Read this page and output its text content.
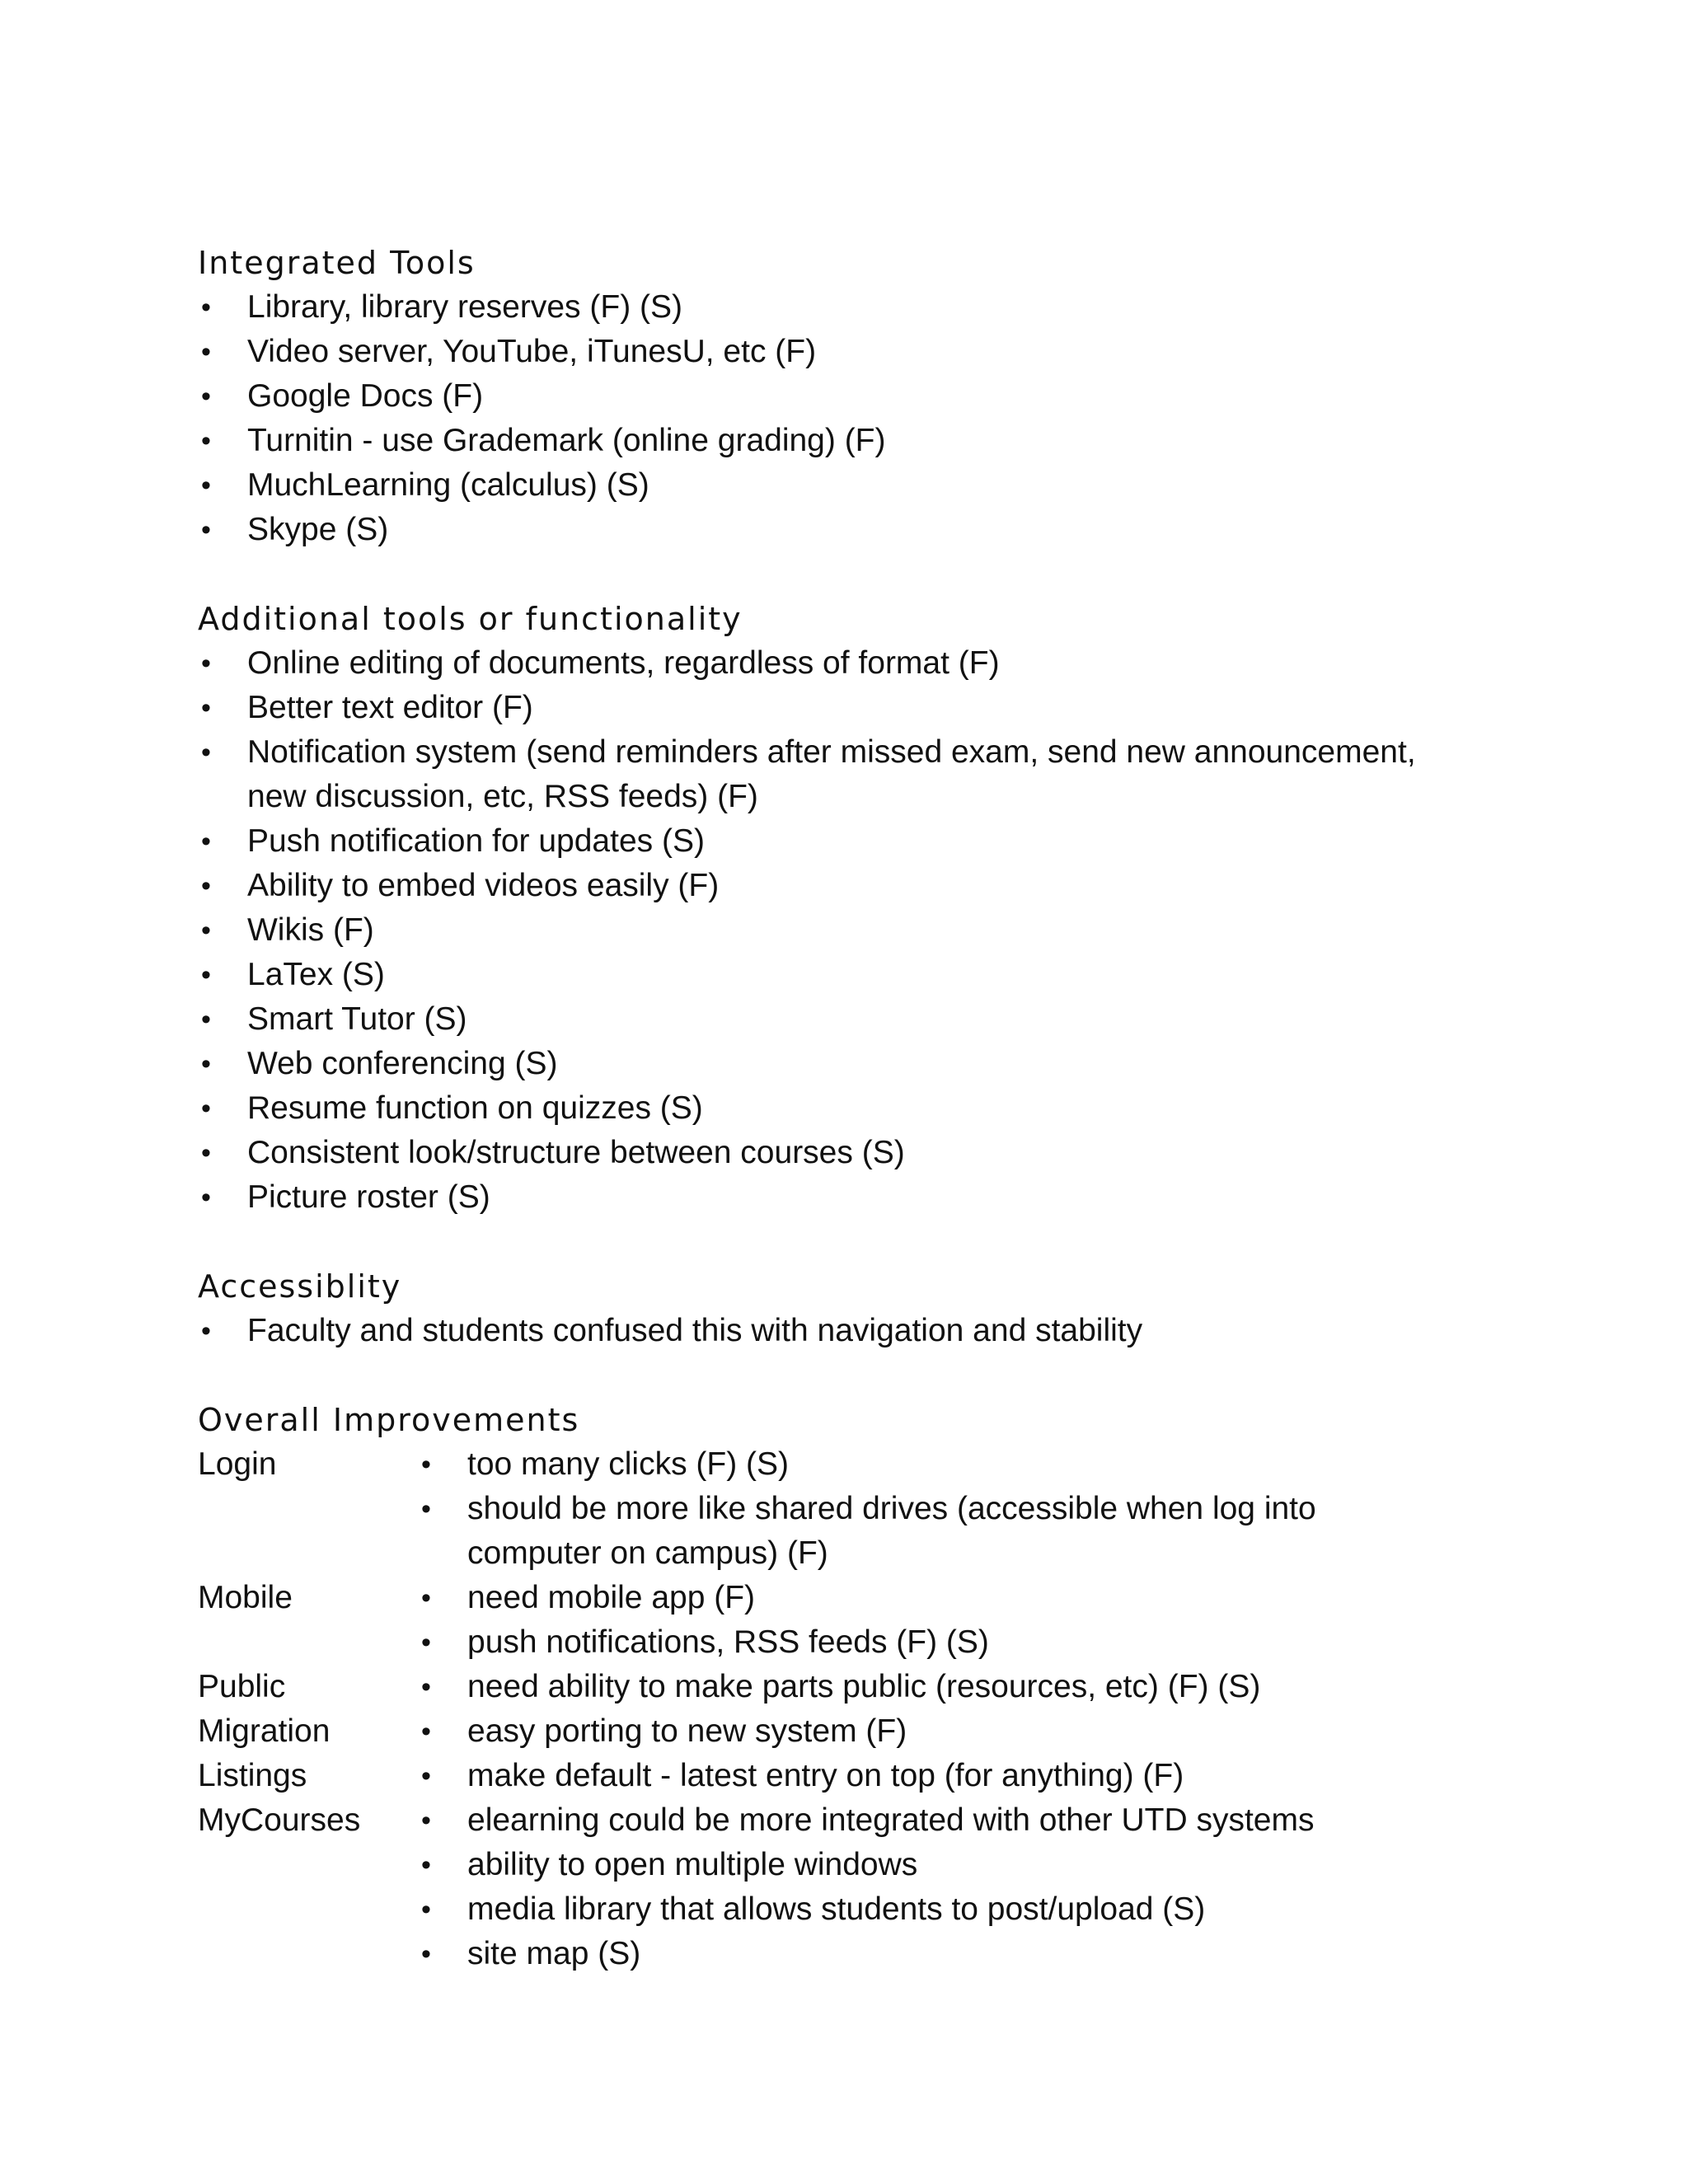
Integrated Tools
• Library, library reserves (F) (S)
• Video server, YouTube, iTunesU, etc (F)
• Google Docs (F)
• Turnitin - use Grademark (online grading) (F)
• MuchLearning (calculus) (S)
• Skype (S)
Additional tools or functionality
• Online editing of documents, regardless of format (F)
• Better text editor (F)
• Notification system (send reminders after missed exam, send new announcement,
new discussion, etc, RSS feeds) (F)
• Push notification for updates (S)
• Ability to embed videos easily (F)
• Wikis (F)
• LaTex (S)
• Smart Tutor (S)
• Web conferencing (S)
• Resume function on quizzes (S)
• Consistent look/structure between courses (S)
• Picture roster (S)
Accessiblity
• Faculty and students confused this with navigation and stability
Overall Improvements
Login	• too many clicks (F) (S)
• should be more like shared drives (accessible when log into
computer on campus) (F)
Mobile	• need mobile app (F)
• push notifications, RSS feeds (F) (S)
Public	• need ability to make parts public (resources, etc) (F) (S)
Migration	• easy porting to new system (F)
Listings	• make default - latest entry on top (for anything) (F)
MyCourses	• elearning could be more integrated with other UTD systems
• ability to open multiple windows
• media library that allows students to post/upload (S)
• site map (S)
